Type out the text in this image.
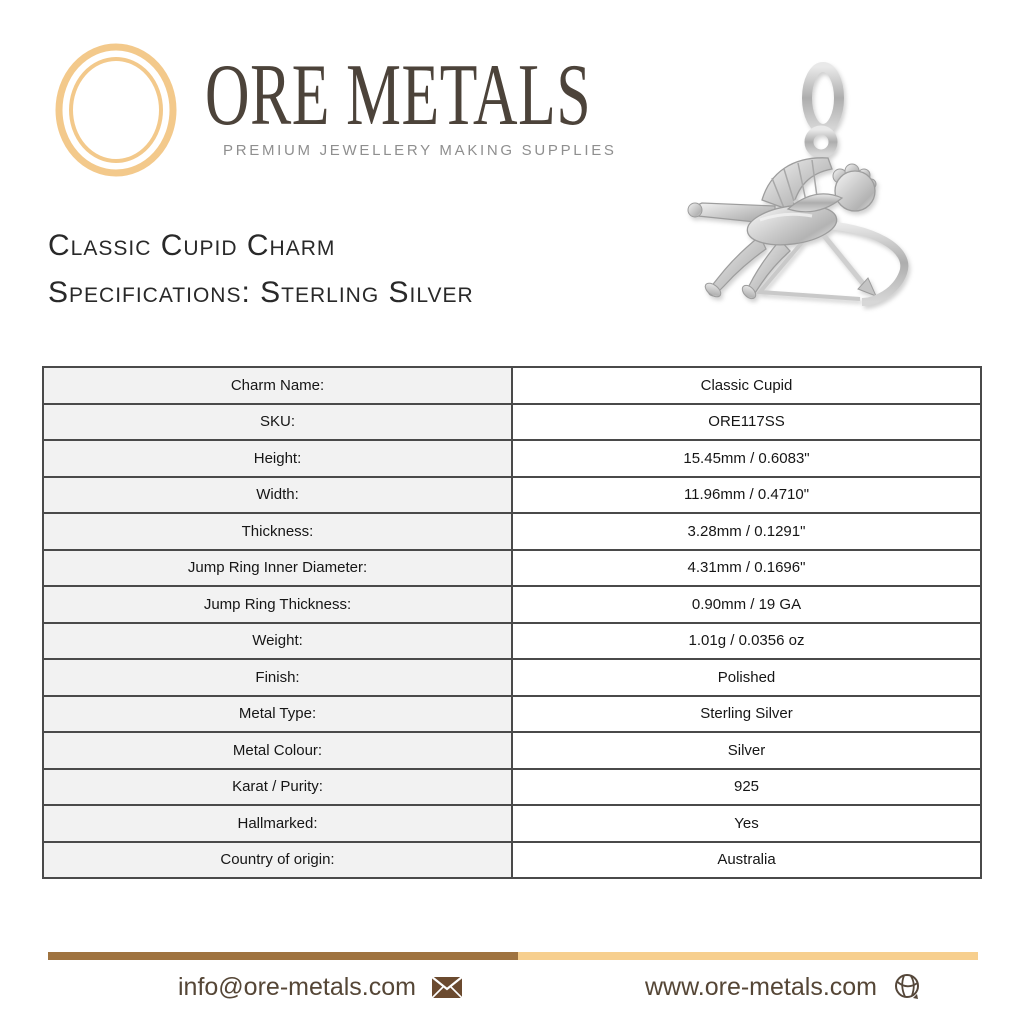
ORE METALS
PREMIUM JEWELLERY MAKING SUPPLIES
Classic Cupid Charm
Specifications: Sterling Silver
Charm Name:	Classic Cupid
SKU:	ORE117SS
Height:	15.45mm / 0.6083"
Width:	11.96mm / 0.4710"
Thickness:	3.28mm / 0.1291"
Jump Ring Inner Diameter:	4.31mm / 0.1696"
Jump Ring Thickness:	0.90mm / 19 GA
Weight:	1.01g / 0.0356 oz
Finish:	Polished
Metal Type:	Sterling Silver
Metal Colour:	Silver
Karat / Purity:	925
Hallmarked:	Yes
Country of origin:	Australia
info@ore-metals.com	www.ore-metals.com
